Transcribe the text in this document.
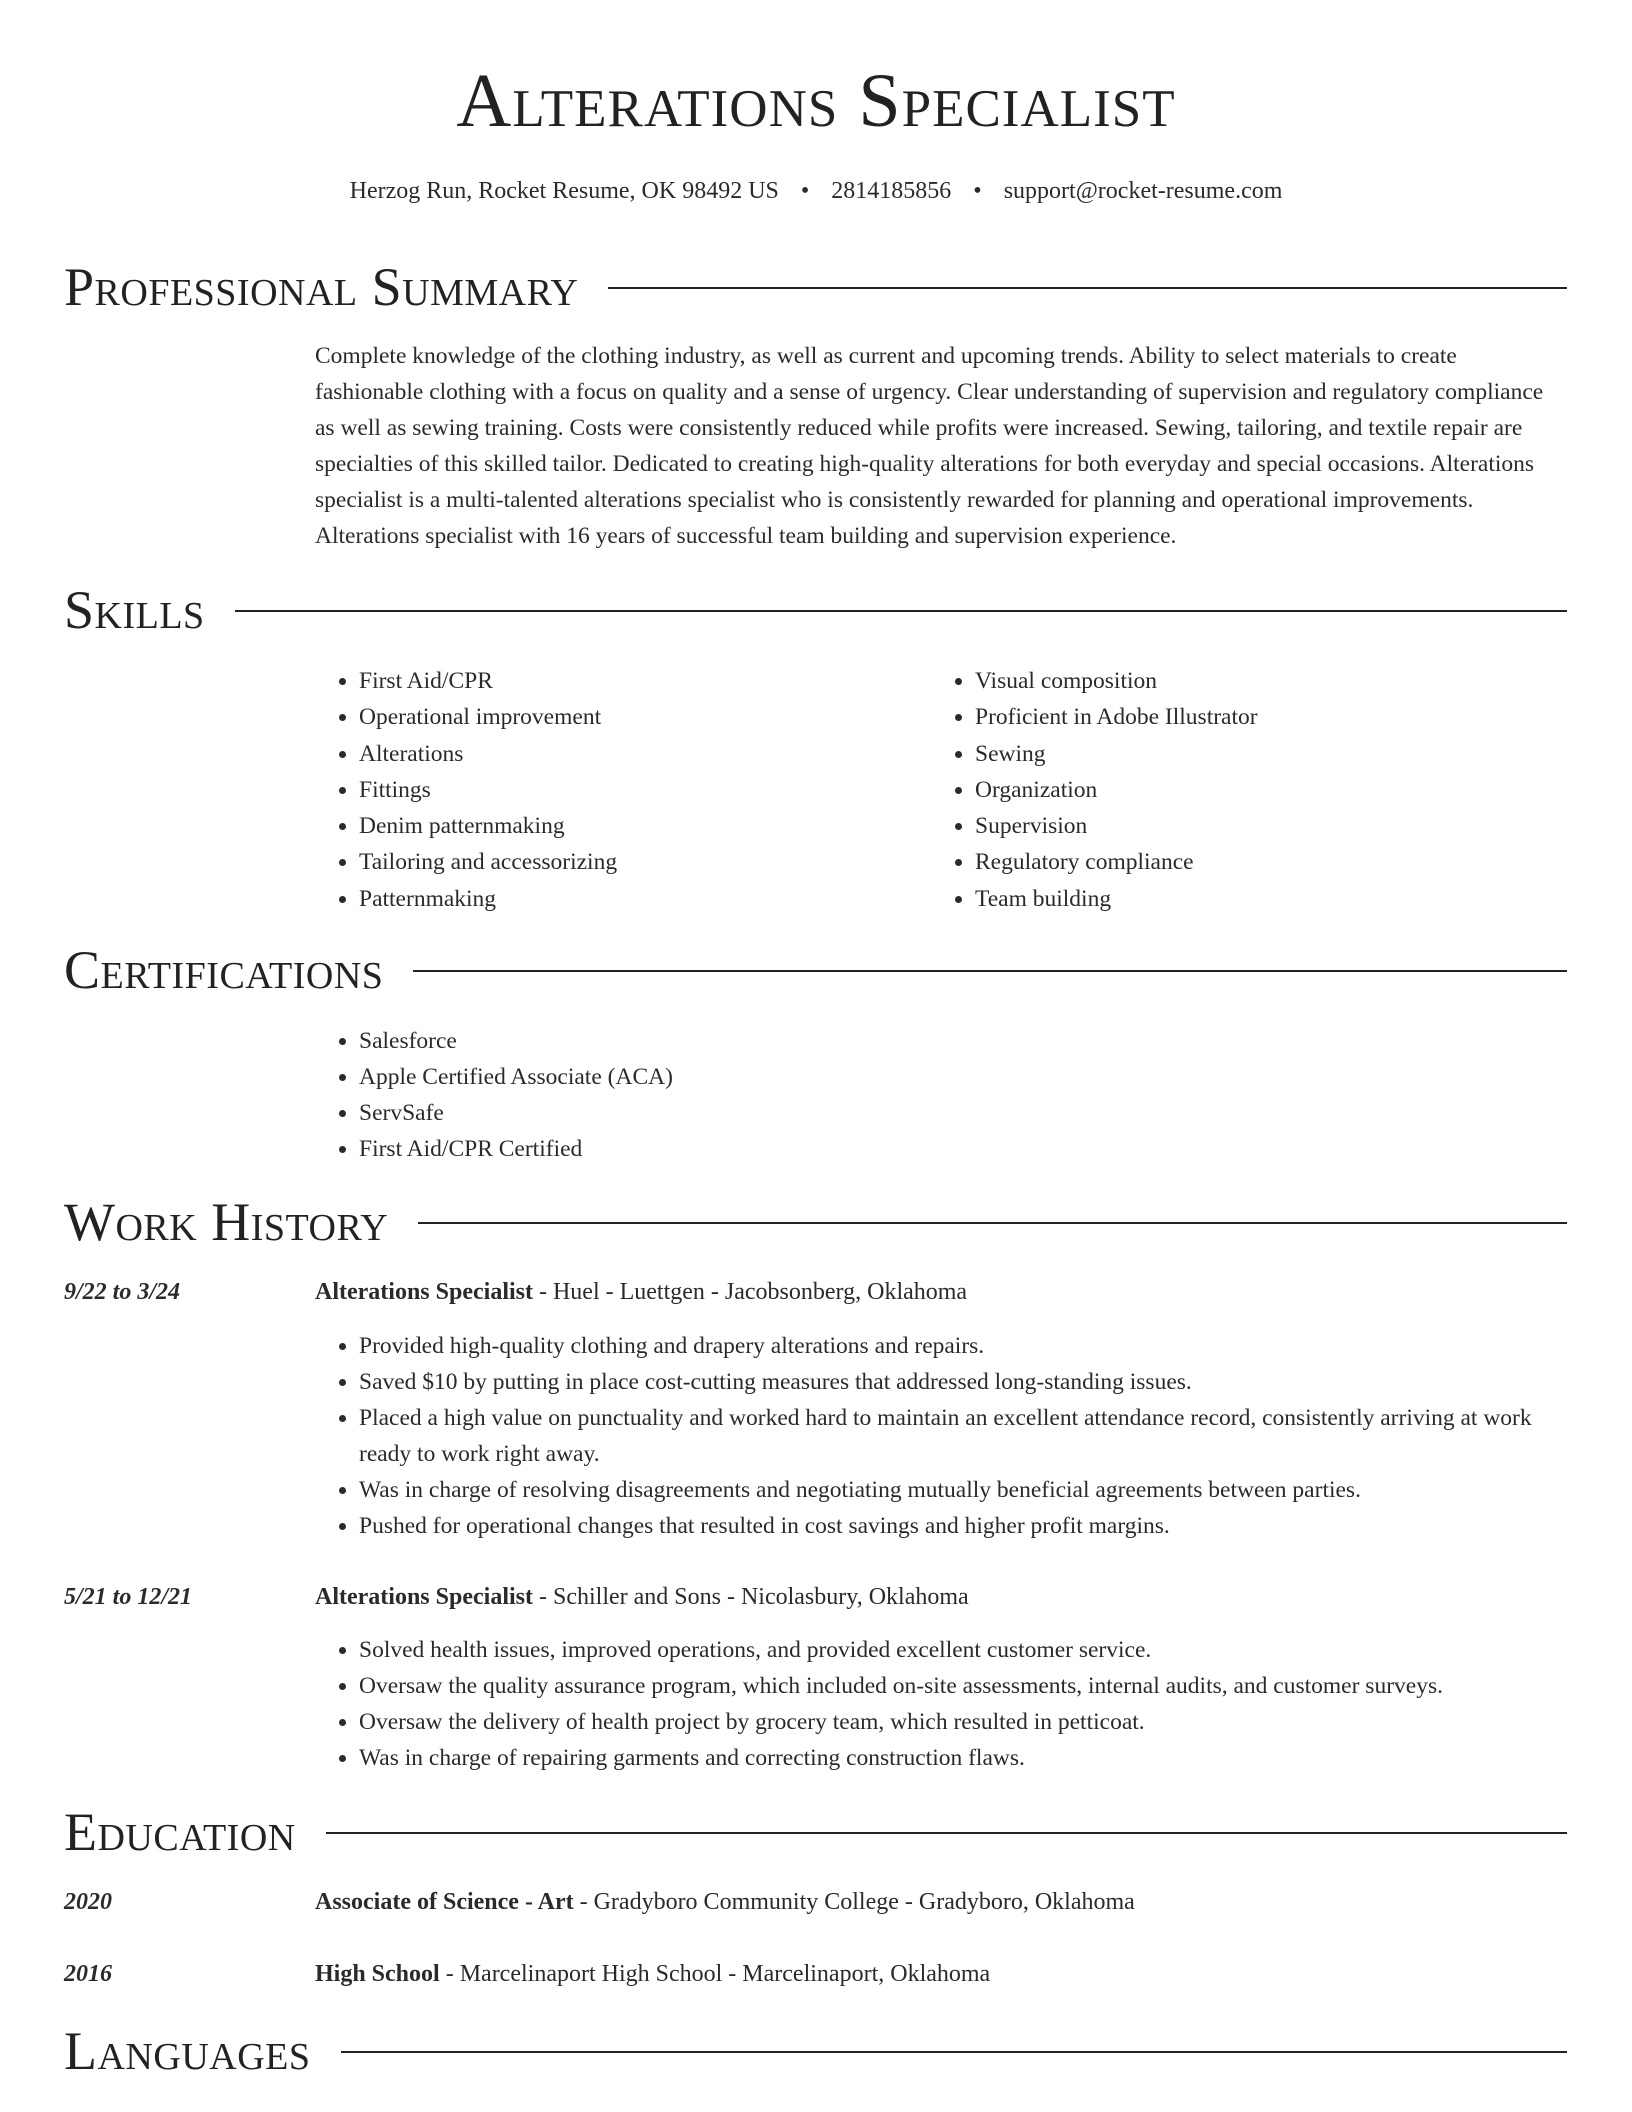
Alterations Specialist
Herzog Run, Rocket Resume, OK 98492 US • 2814185856 • support@rocket-resume.com
Professional Summary

Complete knowledge of the clothing industry, as well as current and upcoming trends. Ability to select materials to create fashionable clothing with a focus on quality and a sense of urgency. Clear understanding of supervision and regulatory compliance as well as sewing training. Costs were consistently reduced while profits were increased. Sewing, tailoring, and textile repair are specialties of this skilled tailor. Dedicated to creating high-quality alterations for both everyday and special occasions. Alterations specialist is a multi-talented alterations specialist who is consistently rewarded for planning and operational improvements. Alterations specialist with 16 years of successful team building and supervision experience.

Skills
• First Aid/CPR
• Operational improvement
• Alterations
• Fittings
• Denim patternmaking
• Tailoring and accessorizing
• Patternmaking
• Visual composition
• Proficient in Adobe Illustrator
• Sewing
• Organization
• Supervision
• Regulatory compliance
• Team building
Certifications
• Salesforce
• Apple Certified Associate (ACA)
• ServSafe
• First Aid/CPR Certified
Work History
9/22 to 3/24	Alterations Specialist - Huel - Luettgen - Jacobsonberg, Oklahoma
• Provided high-quality clothing and drapery alterations and repairs.
• Saved $10 by putting in place cost-cutting measures that addressed long-standing issues.
• Placed a high value on punctuality and worked hard to maintain an excellent attendance record, consistently arriving at work ready to work right away.
• Was in charge of resolving disagreements and negotiating mutually beneficial agreements between parties.
• Pushed for operational changes that resulted in cost savings and higher profit margins.
5/21 to 12/21	Alterations Specialist - Schiller and Sons - Nicolasbury, Oklahoma
• Solved health issues, improved operations, and provided excellent customer service.
• Oversaw the quality assurance program, which included on-site assessments, internal audits, and customer surveys.
• Oversaw the delivery of health project by grocery team, which resulted in petticoat.
• Was in charge of repairing garments and correcting construction flaws.
Education
2020	Associate of Science - Art - Gradyboro Community College - Gradyboro, Oklahoma
2016	High School - Marcelinaport High School - Marcelinaport, Oklahoma
Languages
